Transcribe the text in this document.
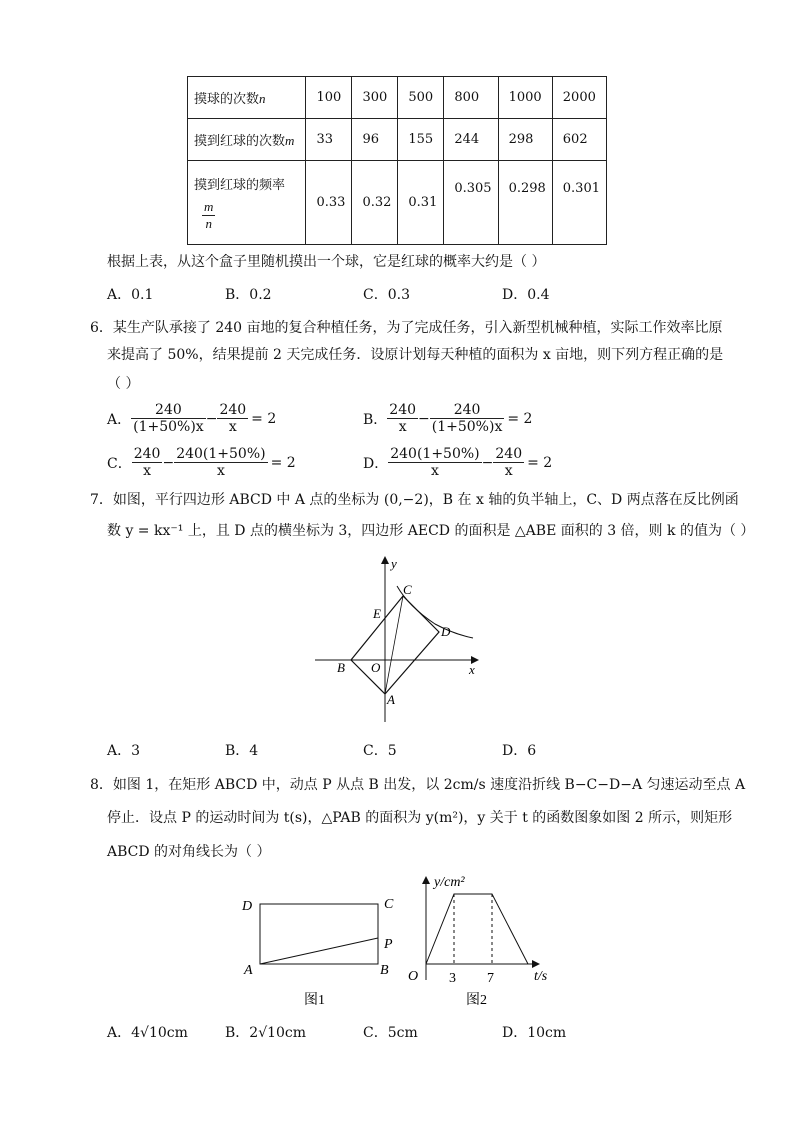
摸球的次数n	100	300	500	800	1000	2000
摸到红球的次数m	33	96	155	244	298	602

摸到红球的频率
$\frac{m}{n}$	0.33	0.32	0.31	0.305	0.298	0.301
根据上表，从这个盒子里随机摸出一个球，它是红球的概率大约是（ ）
A．0.1	B．0.2	C．0.3	D．0.4
6．某生产队承接了 240 亩地的复合种植任务，为了完成任务，引入新型机械种植，实际工作效率比原
来提高了 50%，结果提前 2 天完成任务．设原计划每天种植的面积为 x 亩地，则下列方程正确的是
（ ）
A． $\frac{240}{(1+50\%)x} - \frac{240}{x} = 2$	B． $\frac{240}{x} - \frac{240}{(1+50\%)x} = 2$
C． $\frac{240}{x} - \frac{240(1+50\%)}{x} = 2$	D． $\frac{240(1+50\%)}{x} - \frac{240}{x} = 2$
7．如图，平行四边形 ABCD 中 A 点的坐标为 (0,−2)，B 在 x 轴的负半轴上，C、D 两点落在反比例函
数 y = kx⁻¹ 上，且 D 点的横坐标为 3，四边形 AECD 的面积是 △ABE 面积的 3 倍，则 k 的值为（ ）
y
x
C
E
D
B O
A
A．3	B．4	C．5	D．6
8．如图 1，在矩形 ABCD 中，动点 P 从点 B 出发，以 2cm/s 速度沿折线 B−C−D−A 匀速运动至点 A
停止．设点 P 的运动时间为 t(s)，△PAB 的面积为 y(m²)，y 关于 t 的函数图象如图 2 所示，则矩形
ABCD 的对角线长为（ ）
D	C
P
A	B
图1
y/cm²
t/s
O 3 7
图2
A．4√10cm	B．2√10cm	C．5cm	D．10cm
